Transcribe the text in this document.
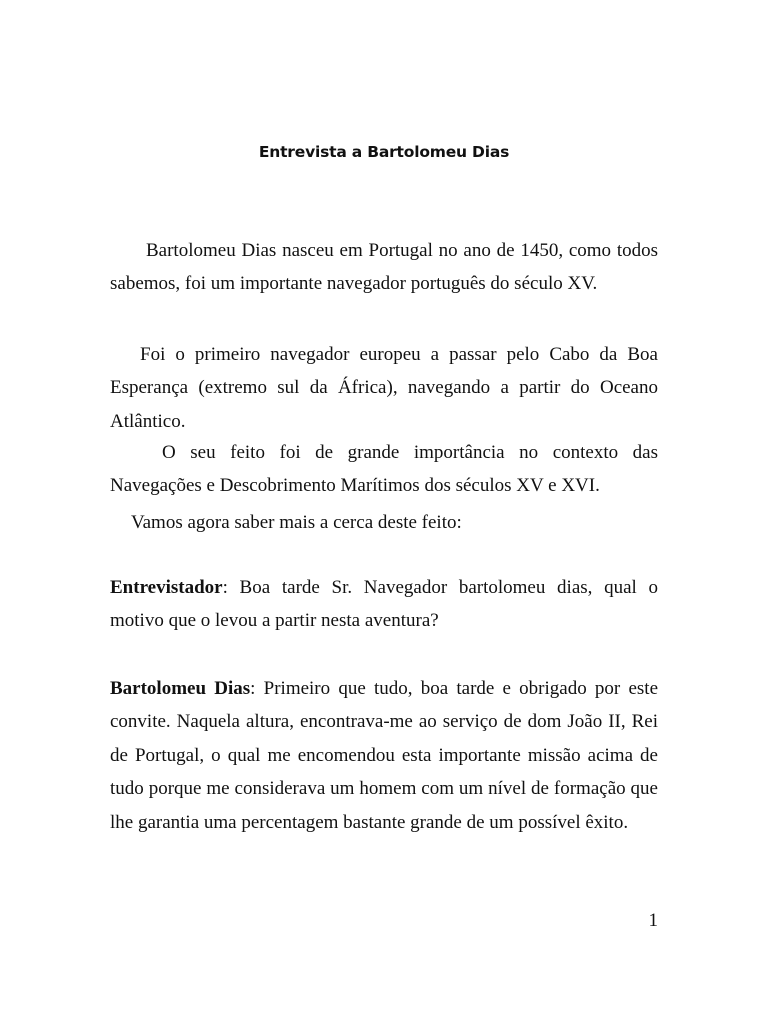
Entrevista a Bartolomeu Dias

Bartolomeu Dias nasceu em Portugal no ano de 1450, como todos sabemos, foi um importante navegador português do século XV.

Foi o primeiro navegador europeu a passar pelo Cabo da Boa Esperança (extremo sul da África), navegando a partir do Oceano Atlântico.

O seu feito foi de grande importância no contexto das Navegações e Descobrimento Marítimos dos séculos XV e XVI.

Vamos agora saber mais a cerca deste feito:

Entrevistador: Boa tarde Sr. Navegador bartolomeu dias, qual o motivo que o levou a partir nesta aventura?

Bartolomeu Dias: Primeiro que tudo, boa tarde e obrigado por este convite. Naquela altura, encontrava-me ao serviço de dom João II, Rei de Portugal, o qual me encomendou esta importante missão acima de tudo porque me considerava um homem com um nível de formação que lhe garantia uma percentagem bastante grande de um possível êxito.

1
